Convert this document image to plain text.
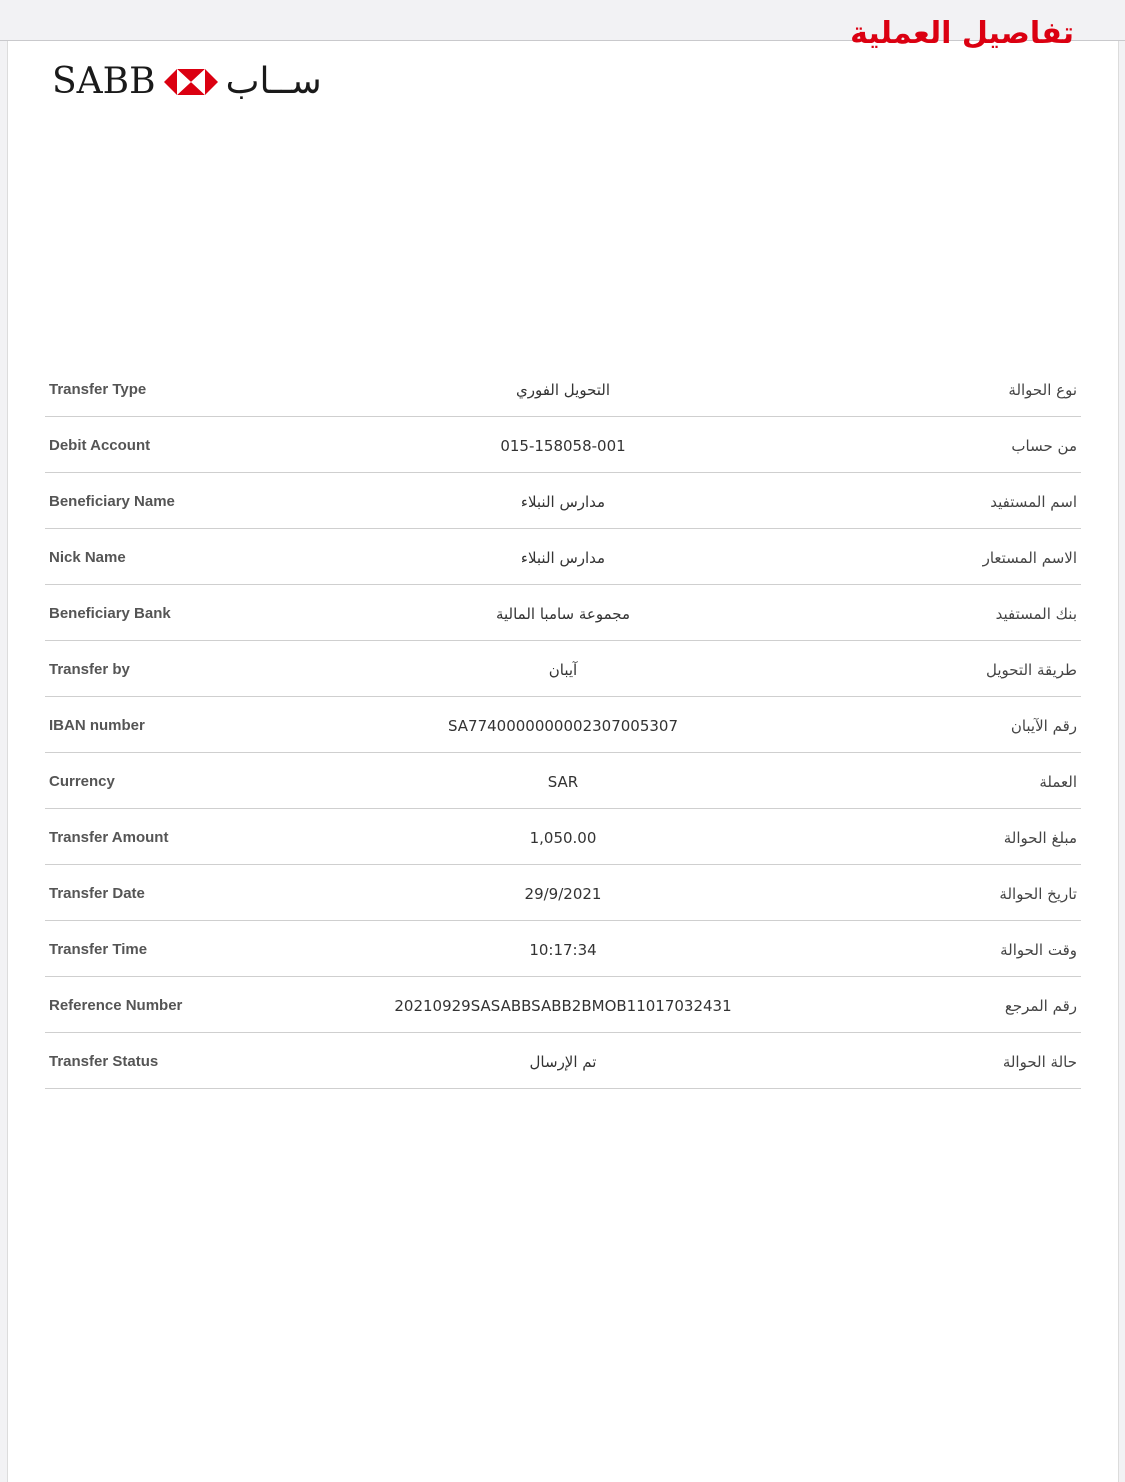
تفاصيل العملية
SABB ســاب
Transfer Type	التحويل الفوري	نوع الحوالة
Debit Account	015-158058-001	من حساب
Beneficiary Name	مدارس النبلاء	اسم المستفيد
Nick Name	مدارس النبلاء	الاسم المستعار
Beneficiary Bank	مجموعة سامبا المالية	بنك المستفيد
Transfer by	آيبان	طريقة التحويل
IBAN number	SA7740000000002307005307	رقم الآيبان
Currency	SAR	العملة
Transfer Amount	1,050.00	مبلغ الحوالة
Transfer Date	29/9/2021	تاريخ الحوالة
Transfer Time	10:17:34	وقت الحوالة
Reference Number	20210929SASABBSABB2BMOB11017032431	رقم المرجع
Transfer Status	تم الإرسال	حالة الحوالة
